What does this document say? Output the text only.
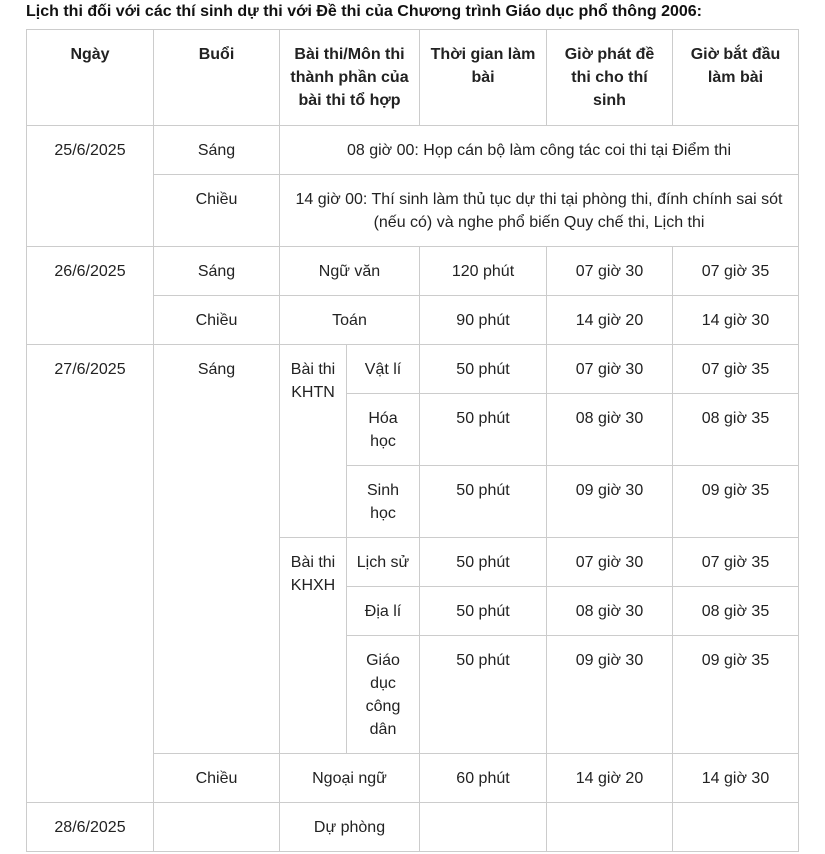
Lịch thi đối với các thí sinh dự thi với Đề thi của Chương trình Giáo dục phổ thông 2006:

Ngày	Buổi	Bài thi/Môn thi thành phần của bài thi tổ hợp		Thời gian làm bài	Giờ phát đề thi cho thí sinh	Giờ bắt đầu làm bài
25/6/2025	Sáng	08 giờ 00: Họp cán bộ làm công tác coi thi tại Điểm thi				
	Chiều	14 giờ 00: Thí sinh làm thủ tục dự thi tại phòng thi, đính chính sai sót (nếu có) và nghe phổ biến Quy chế thi, Lịch thi				
26/6/2025	Sáng	Ngữ văn		120 phút	07 giờ 30	07 giờ 35
	Chiều	Toán		90 phút	14 giờ 20	14 giờ 30
27/6/2025	Sáng	Bài thi KHTN	Vật lí	50 phút	07 giờ 30	07 giờ 35
			Hóa học	50 phút	08 giờ 30	08 giờ 35
			Sinh học	50 phút	09 giờ 30	09 giờ 35
		Bài thi KHXH	Lịch sử	50 phút	07 giờ 30	07 giờ 35
			Địa lí	50 phút	08 giờ 30	08 giờ 35
			Giáo dục công dân	50 phút	09 giờ 30	09 giờ 35

	Chiều	Ngoại ngữ		60 phút	14 giờ 20	14 giờ 30
28/6/2025		Dự phòng				
